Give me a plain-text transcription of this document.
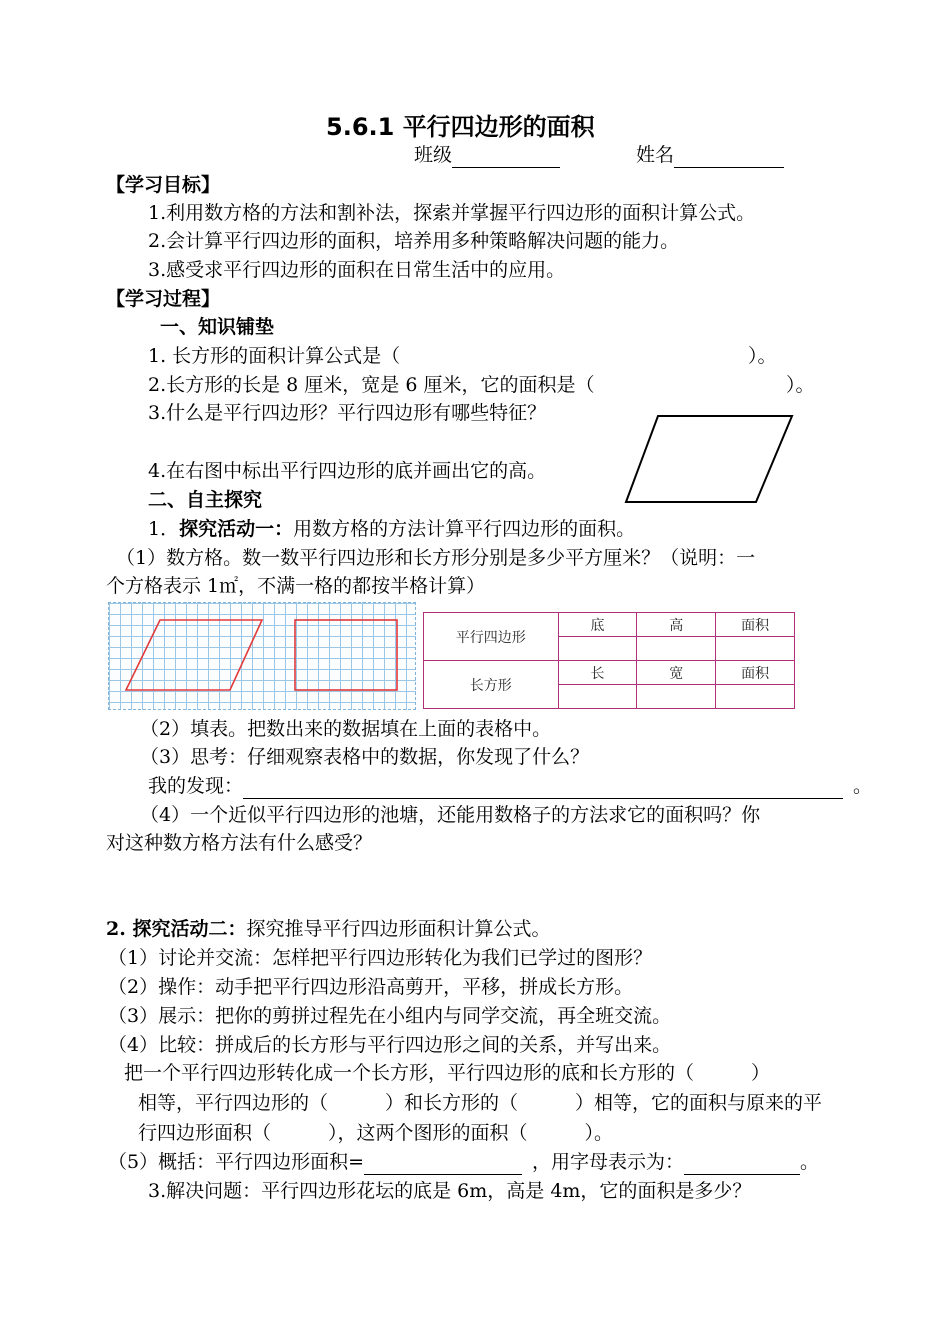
5.6.1 平行四边形的面积
班级	姓名
【学习目标】
1.利用数方格的方法和割补法，探索并掌握平行四边形的面积计算公式。
2.会计算平行四边形的面积，培养用多种策略解决问题的能力。
3.感受求平行四边形的面积在日常生活中的应用。
【学习过程】
一、知识铺垫
1. 长方形的面积计算公式是（	）。
2.长方形的长是 8 厘米，宽是 6 厘米，它的面积是（	）。
3.什么是平行四边形？平行四边形有哪些特征？
4.在右图中标出平行四边形的底并画出它的高。
二、自主探究
1．探究活动一：用数方格的方法计算平行四边形的面积。
（1）数方格。数一数平行四边形和长方形分别是多少平方厘米？（说明：一
个方格表示 1㎡，不满一格的都按半格计算）
平行四边形	底	高	面积

长方形	长	宽	面积

（2）填表。把数出来的数据填在上面的表格中。
（3）思考：仔细观察表格中的数据，你发现了什么？
我的发现：	。
（4）一个近似平行四边形的池塘，还能用数格子的方法求它的面积吗？你
对这种数方格方法有什么感受？
2. 探究活动二：探究推导平行四边形面积计算公式。
（1）讨论并交流：怎样把平行四边形转化为我们已学过的图形？
（2）操作：动手把平行四边形沿高剪开，平移，拼成长方形。
（3）展示：把你的剪拼过程先在小组内与同学交流，再全班交流。
（4）比较：拼成后的长方形与平行四边形之间的关系，并写出来。
把一个平行四边形转化成一个长方形，平行四边形的底和长方形的（　　　）
相等，平行四边形的（　　　）和长方形的（　　　）相等，它的面积与原来的平
行四边形面积（　　　），这两个图形的面积（　　　）。
（5）概括：平行四边形面积=	，用字母表示为：	。
3.解决问题：平行四边形花坛的底是 6m，高是 4m，它的面积是多少？
